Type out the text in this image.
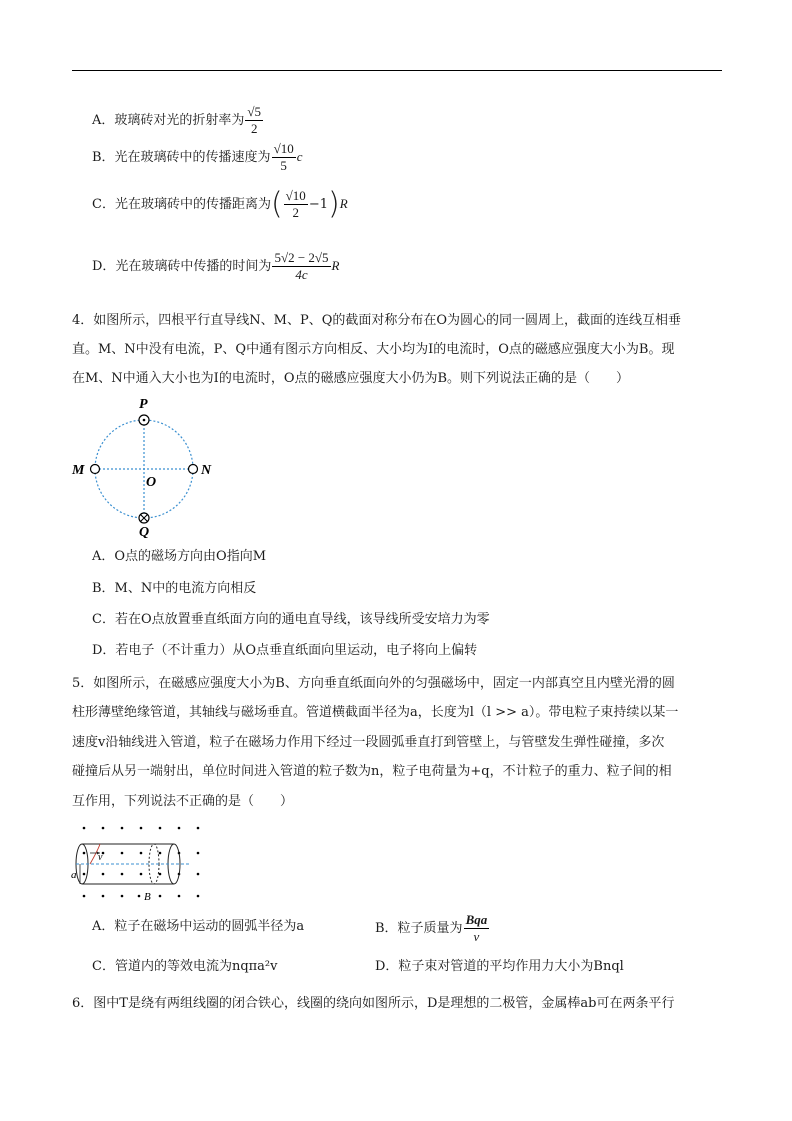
A．玻璃砖对光的折射率为 $\frac{√5}{2}$
B．光在玻璃砖中的传播速度为 $\frac{√10}{5}$ c
C．光在玻璃砖中的传播距离为( $\frac{√10}{2} -1)R$
D．光在玻璃砖中传播的时间为 $\frac{5√2 - 2√5}{4c}$ R
4．如图所示，四根平行直导线N、M、P、Q的截面对称分布在O为圆心的同一圆周上，截面的连线互相垂
直。M、N中没有电流，P、Q中通有图示方向相反、大小均为I的电流时，O点的磁感应强度大小为B。现
在M、N中通入大小也为I的电流时，O点的磁感应强度大小仍为B。则下列说法正确的是（　　）
P
M	N
O
Q
A．O点的磁场方向由O指向M
B．M、N中的电流方向相反
C．若在O点放置垂直纸面方向的通电直导线，该导线所受安培力为零
D．若电子（不计重力）从O点垂直纸面向里运动，电子将向上偏转
5．如图所示，在磁感应强度大小为B、方向垂直纸面向外的匀强磁场中，固定一内部真空且内壁光滑的圆
柱形薄壁绝缘管道，其轴线与磁场垂直。管道横截面半径为a，长度为l（l >> a）。带电粒子束持续以某一
速度v沿轴线进入管道，粒子在磁场力作用下经过一段圆弧垂直打到管壁上，与管壁发生弹性碰撞，多次
碰撞后从另一端射出，单位时间进入管道的粒子数为n，粒子电荷量为+q，不计粒子的重力、粒子间的相
互作用，下列说法不正确的是（　　）
a
v
B
A．粒子在磁场中运动的圆弧半径为a	B．粒子质量为 $\frac{\text{Bqa}}{v}$
C．管道内的等效电流为nqπa²v	D．粒子束对管道的平均作用力大小为Bnql
6．图中T是绕有两组线圈的闭合铁心，线圈的绕向如图所示，D是理想的二极管，金属棒ab可在两条平行
